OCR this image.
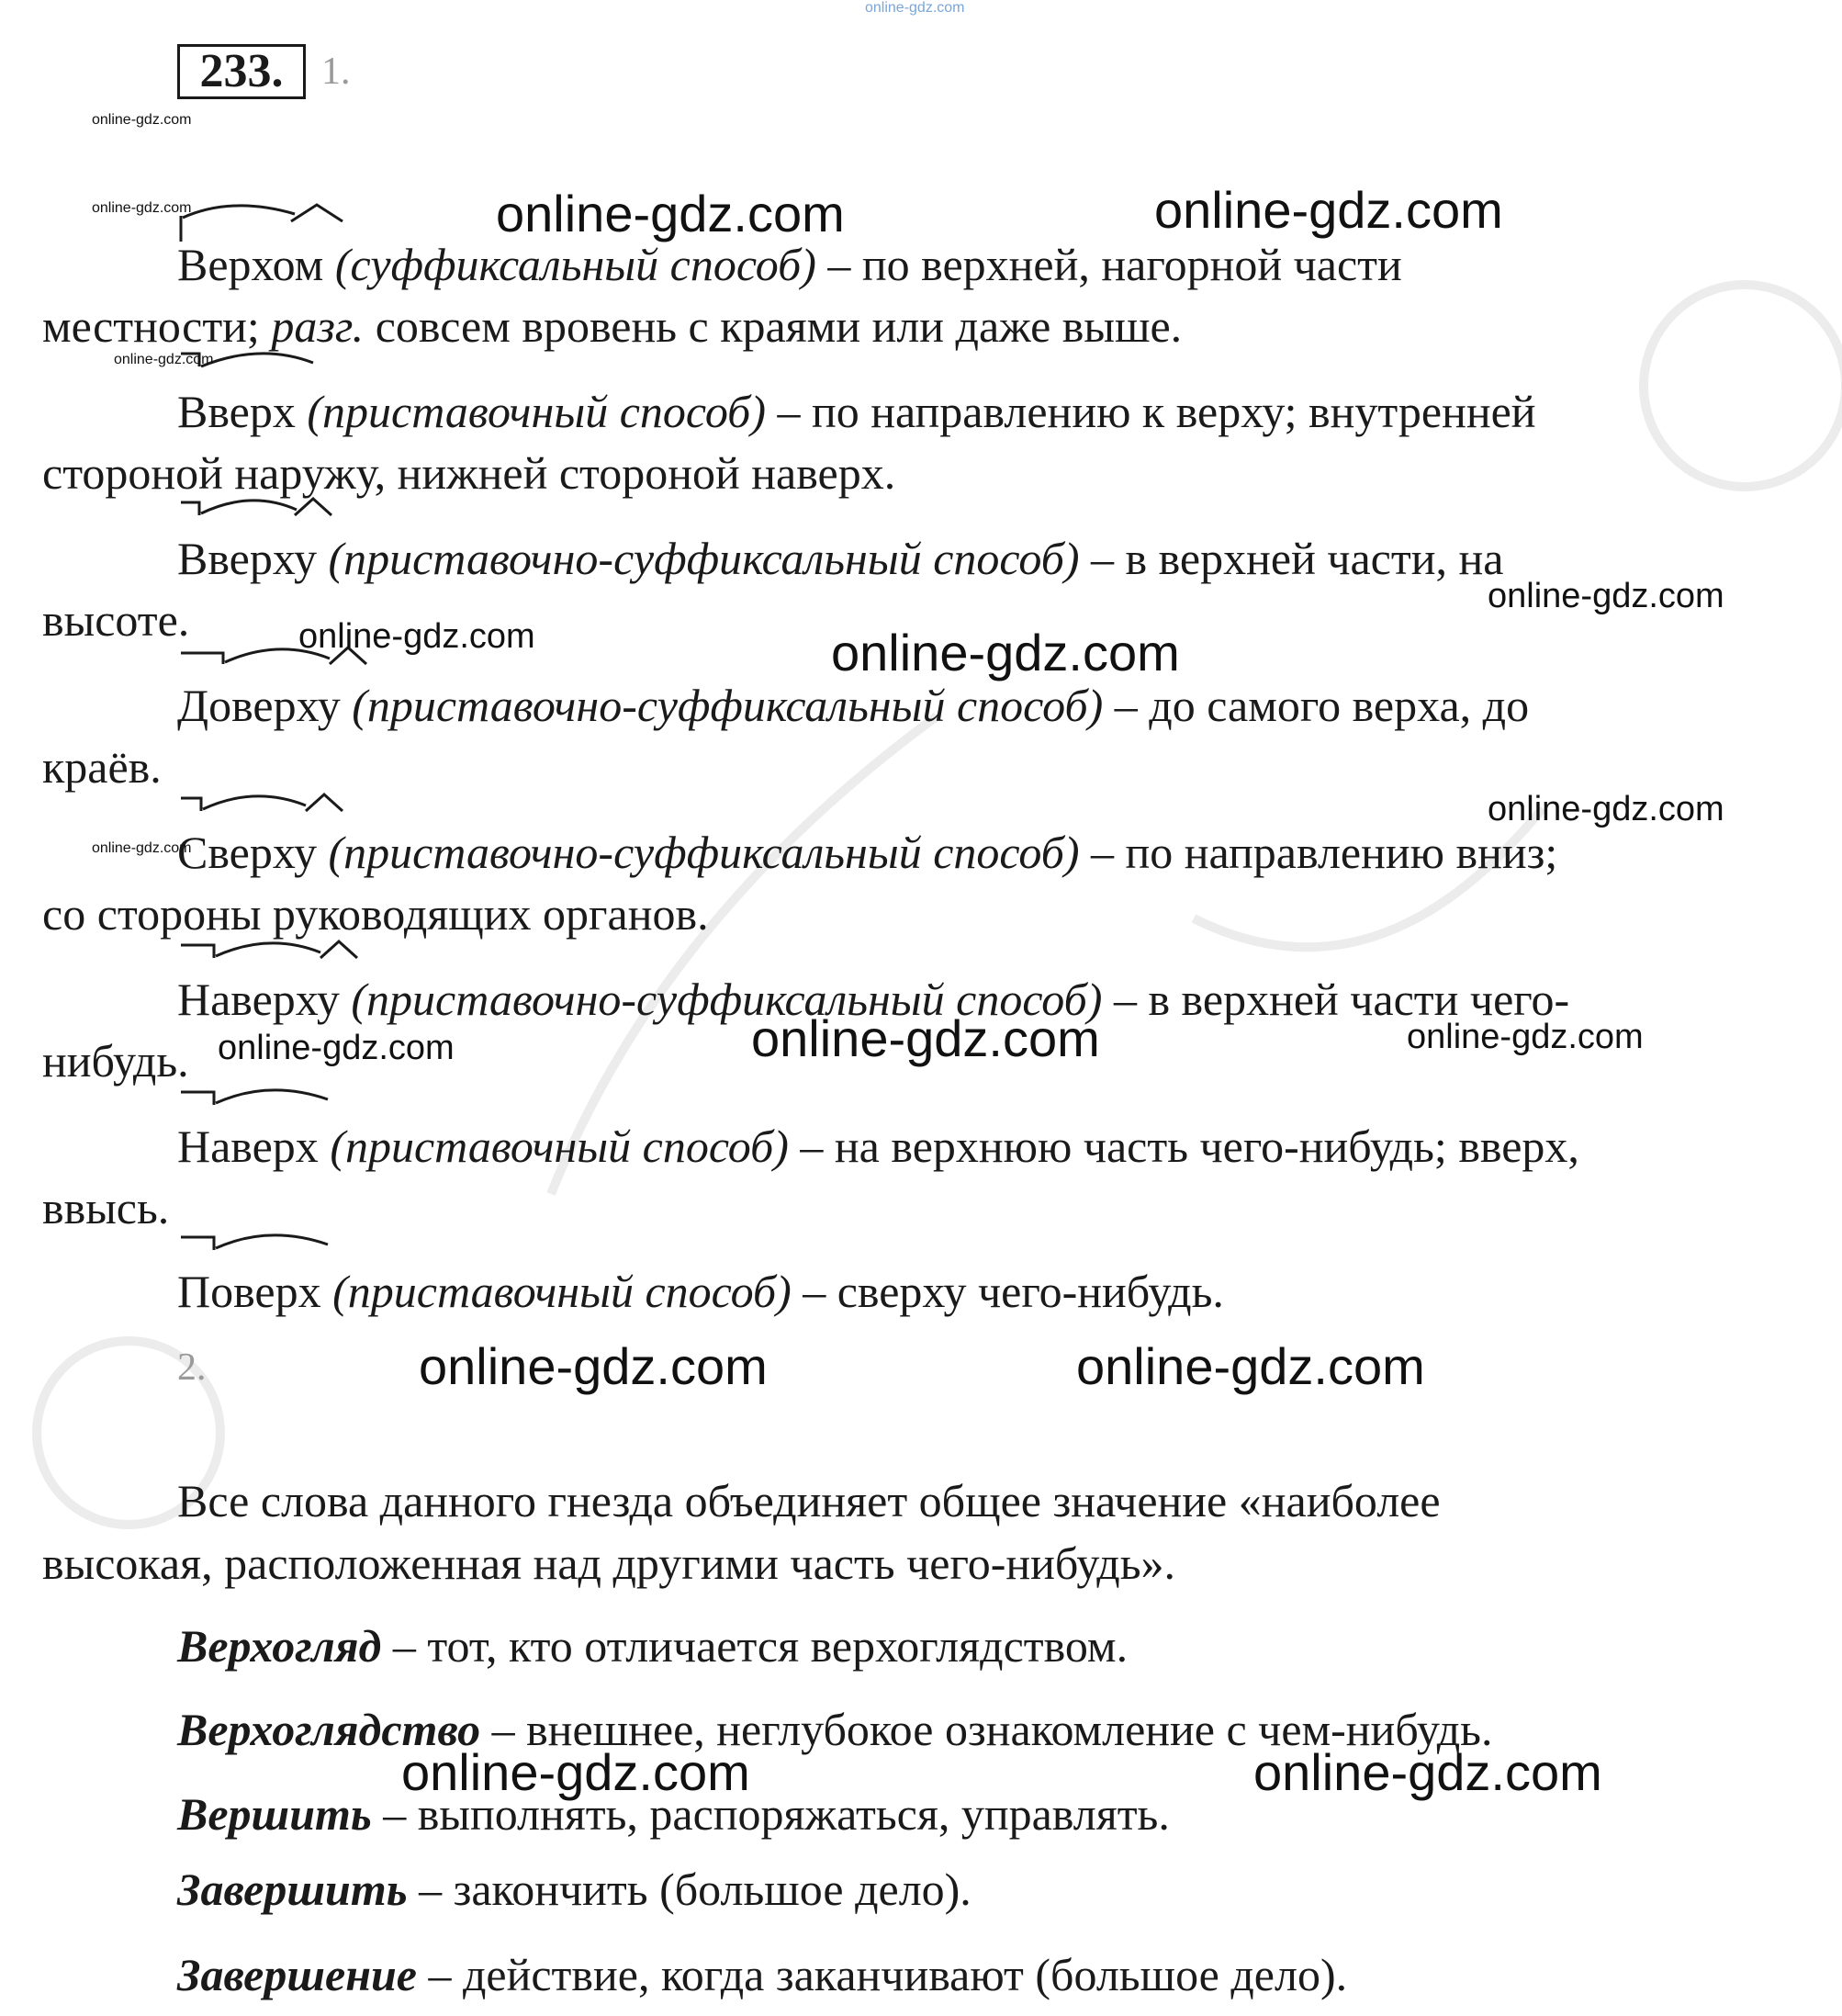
online-gdz.com
233. 1.
Верхом (суффиксальный способ) – по верхней, нагорной части
местности; разг. совсем вровень с краями или даже выше.
Вверх (приставочный способ) – по направлению к верху; внутренней
стороной наружу, нижней стороной наверх.
Вверху (приставочно-суффиксальный способ) – в верхней части, на
высоте.
Доверху (приставочно-суффиксальный способ) – до самого верха, до
краёв.
Сверху (приставочно-суффиксальный способ) – по направлению вниз;
со стороны руководящих органов.
Наверху (приставочно-суффиксальный способ) – в верхней части чего-
нибудь.
Наверх (приставочный способ) – на верхнюю часть чего-нибудь; вверх,
ввысь.
Поверх (приставочный способ) – сверху чего-нибудь.
2.
Все слова данного гнезда объединяет общее значение «наиболее
высокая, расположенная над другими часть чего-нибудь».
Верхогляд – тот, кто отличается верхоглядством.
Верхоглядство – внешнее, неглубокое ознакомление с чем-нибудь.
Вершить – выполнять, распоряжаться, управлять.
Завершить – закончить (большое дело).
Завершение – действие, когда заканчивают (большое дело).
online-gdz.com
online-gdz.com
online-gdz.com
online-gdz.com
online-gdz.com	online-gdz.com
online-gdz.com
online-gdz.com	online-gdz.com
online-gdz.com
online-gdz.com
online-gdz.com	online-gdz.com
online-gdz.com	online-gdz.com
online-gdz.com	online-gdz.com
